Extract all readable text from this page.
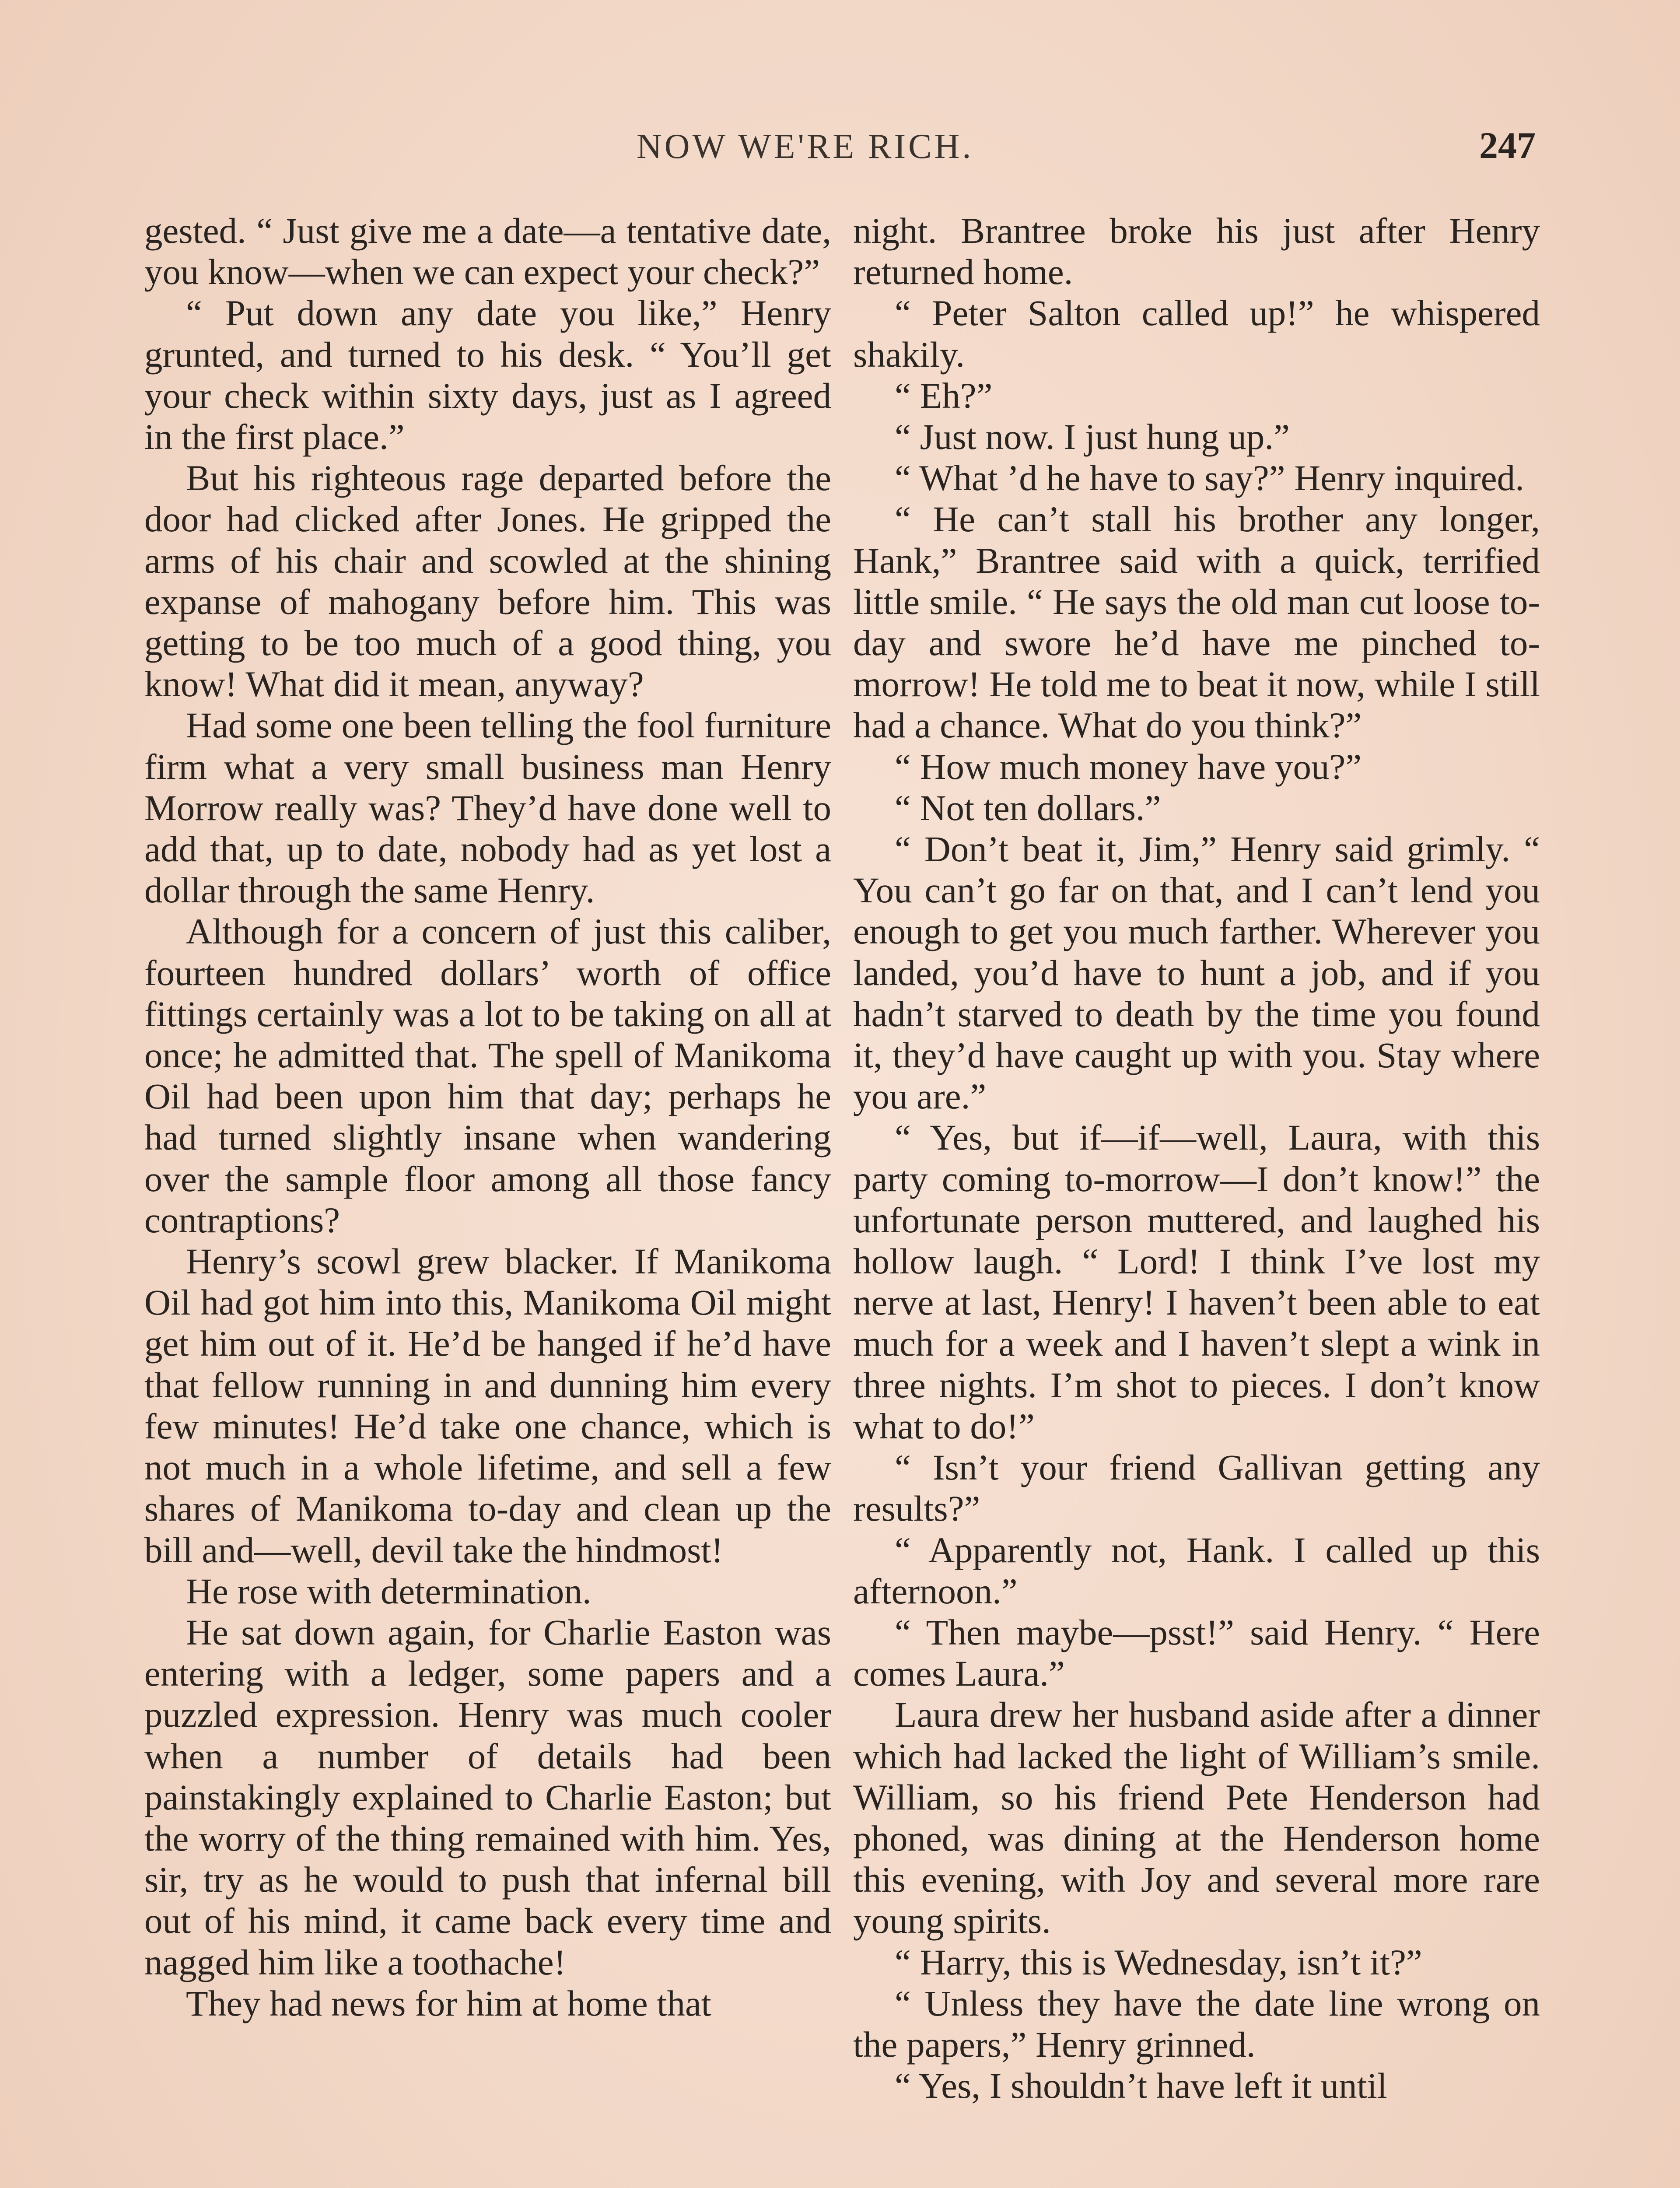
NOW WE'RE RICH.	247

gested. “ Just give me a date—a tentative date, you know—when we can expect your check?”

“ Put down any date you like,” Henry grunted, and turned to his desk. “ You’ll get your check within sixty days, just as I agreed in the first place.”

But his righteous rage departed before the door had clicked after Jones. He gripped the arms of his chair and scowled at the shining expanse of mahogany before him. This was getting to be too much of a good thing, you know! What did it mean, anyway?

Had some one been telling the fool furniture firm what a very small business man Henry Morrow really was? They’d have done well to add that, up to date, nobody had as yet lost a dollar through the same Henry.

Although for a concern of just this caliber, fourteen hundred dollars’ worth of office fittings certainly was a lot to be taking on all at once; he admitted that. The spell of Manikoma Oil had been upon him that day; perhaps he had turned slightly insane when wandering over the sample floor among all those fancy contraptions?

Henry’s scowl grew blacker. If Manikoma Oil had got him into this, Manikoma Oil might get him out of it. He’d be hanged if he’d have that fellow running in and dunning him every few minutes! He’d take one chance, which is not much in a whole lifetime, and sell a few shares of Manikoma to-day and clean up the bill and—well, devil take the hindmost!

He rose with determination.

He sat down again, for Charlie Easton was entering with a ledger, some papers and a puzzled expression. Henry was much cooler when a number of details had been painstakingly explained to Charlie Easton; but the worry of the thing remained with him. Yes, sir, try as he would to push that infernal bill out of his mind, it came back every time and nagged him like a toothache!

They had news for him at home that

night. Brantree broke his just after Henry returned home.

“ Peter Salton called up!” he whispered shakily.

“ Eh?”

“ Just now. I just hung up.”

“ What ’d he have to say?” Henry inquired.

“ He can’t stall his brother any longer, Hank,” Brantree said with a quick, terrified little smile. “ He says the old man cut loose to-day and swore he’d have me pinched to-morrow! He told me to beat it now, while I still had a chance. What do you think?”

“ How much money have you?”

“ Not ten dollars.”

“ Don’t beat it, Jim,” Henry said grimly. “ You can’t go far on that, and I can’t lend you enough to get you much farther. Wherever you landed, you’d have to hunt a job, and if you hadn’t starved to death by the time you found it, they’d have caught up with you. Stay where you are.”

“ Yes, but if—if—well, Laura, with this party coming to-morrow—I don’t know!” the unfortunate person muttered, and laughed his hollow laugh. “ Lord! I think I’ve lost my nerve at last, Henry! I haven’t been able to eat much for a week and I haven’t slept a wink in three nights. I’m shot to pieces. I don’t know what to do!”

“ Isn’t your friend Gallivan getting any results?”

“ Apparently not, Hank. I called up this afternoon.”

“ Then maybe—psst!” said Henry. “ Here comes Laura.”

Laura drew her husband aside after a dinner which had lacked the light of William’s smile. William, so his friend Pete Henderson had phoned, was dining at the Henderson home this evening, with Joy and several more rare young spirits.

“ Harry, this is Wednesday, isn’t it?”

“ Unless they have the date line wrong on the papers,” Henry grinned.

“ Yes, I shouldn’t have left it until
